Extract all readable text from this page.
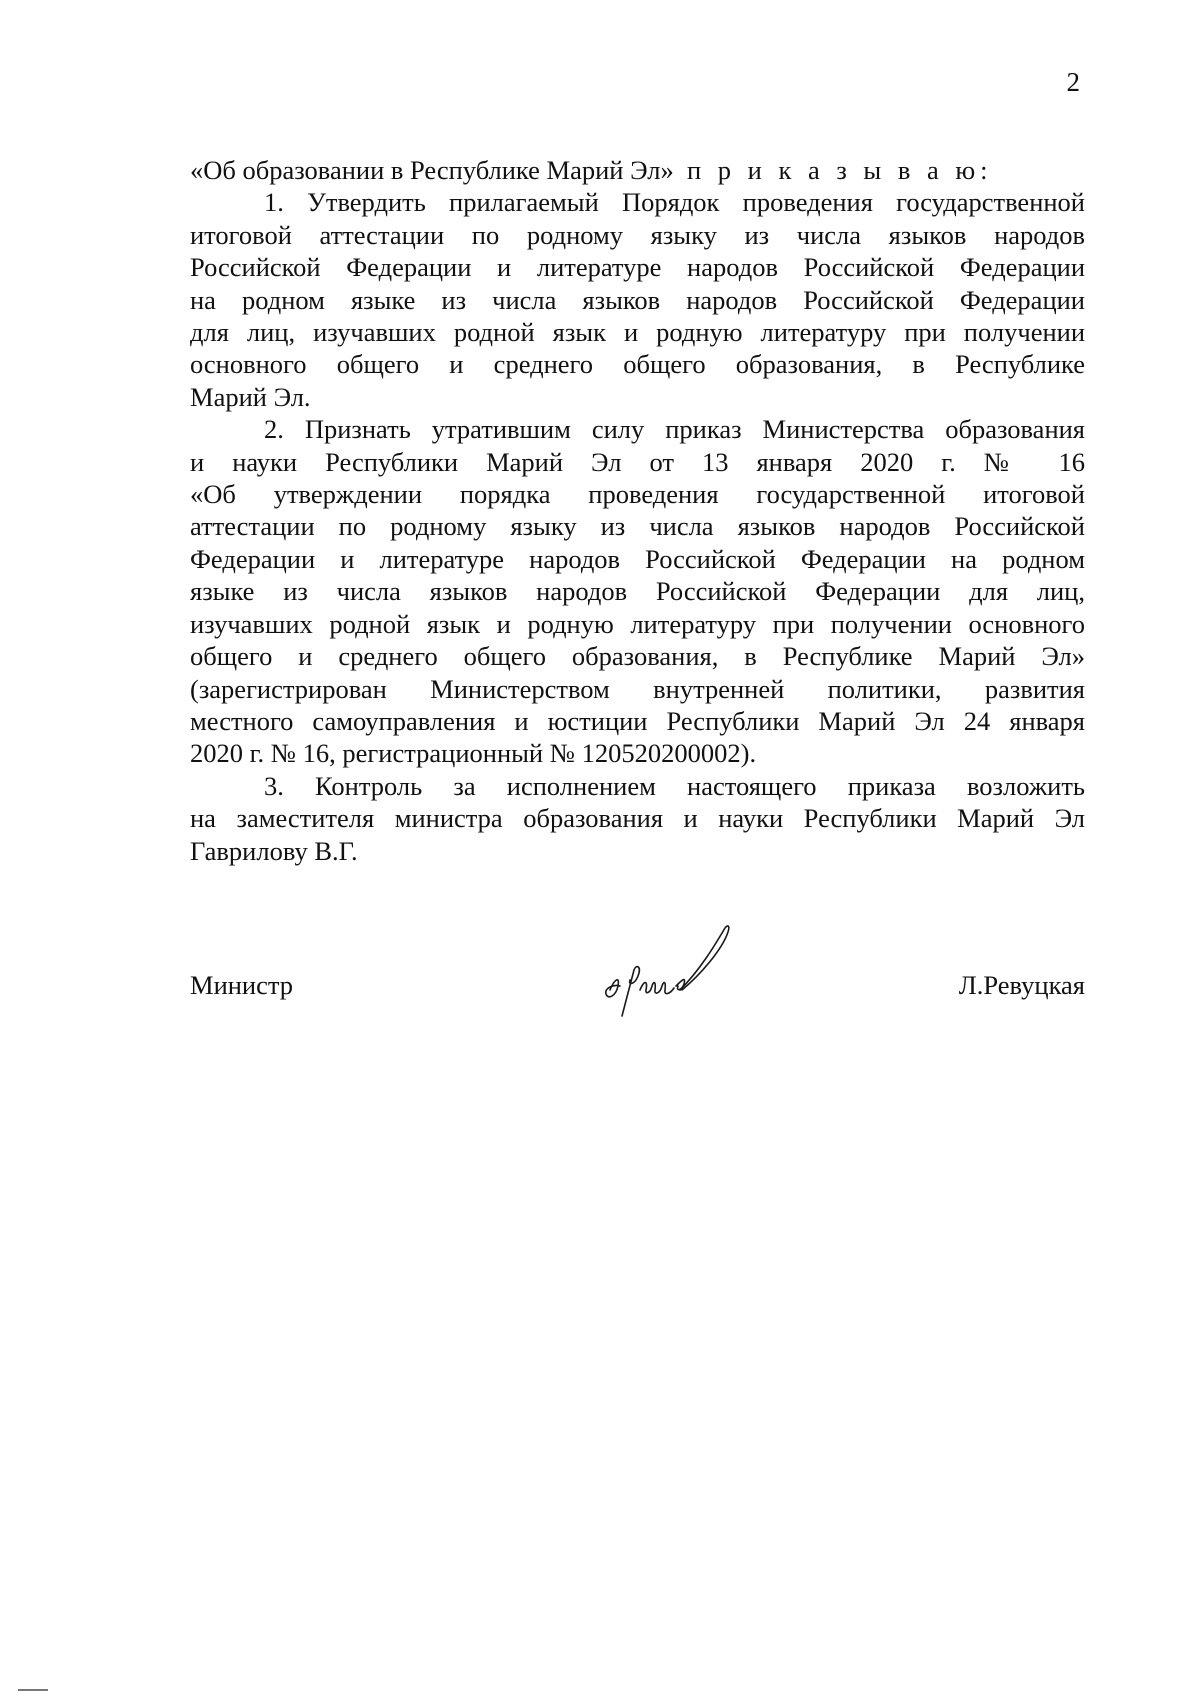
2
«Об образовании в Республике Марий Эл» п р и к а з ы в а ю:
1. Утвердить прилагаемый Порядок проведения государственной
итоговой аттестации по родному языку из числа языков народов
Российской Федерации и литературе народов Российской Федерации
на родном языке из числа языков народов Российской Федерации
для лиц, изучавших родной язык и родную литературу при получении
основного общего и среднего общего образования, в Республике
Марий Эл.
2. Признать утратившим силу приказ Министерства образования
и науки Республики Марий Эл от 13 января 2020 г. № 16
«Об утверждении порядка проведения государственной итоговой
аттестации по родному языку из числа языков народов Российской
Федерации и литературе народов Российской Федерации на родном
языке из числа языков народов Российской Федерации для лиц,
изучавших родной язык и родную литературу при получении основного
общего и среднего общего образования, в Республике Марий Эл»
(зарегистрирован Министерством внутренней политики, развития
местного самоуправления и юстиции Республики Марий Эл 24 января
2020 г. № 16, регистрационный № 120520200002).
3. Контроль за исполнением настоящего приказа возложить
на заместителя министра образования и науки Республики Марий Эл
Гаврилову В.Г.
Министр	Л.Ревуцкая
